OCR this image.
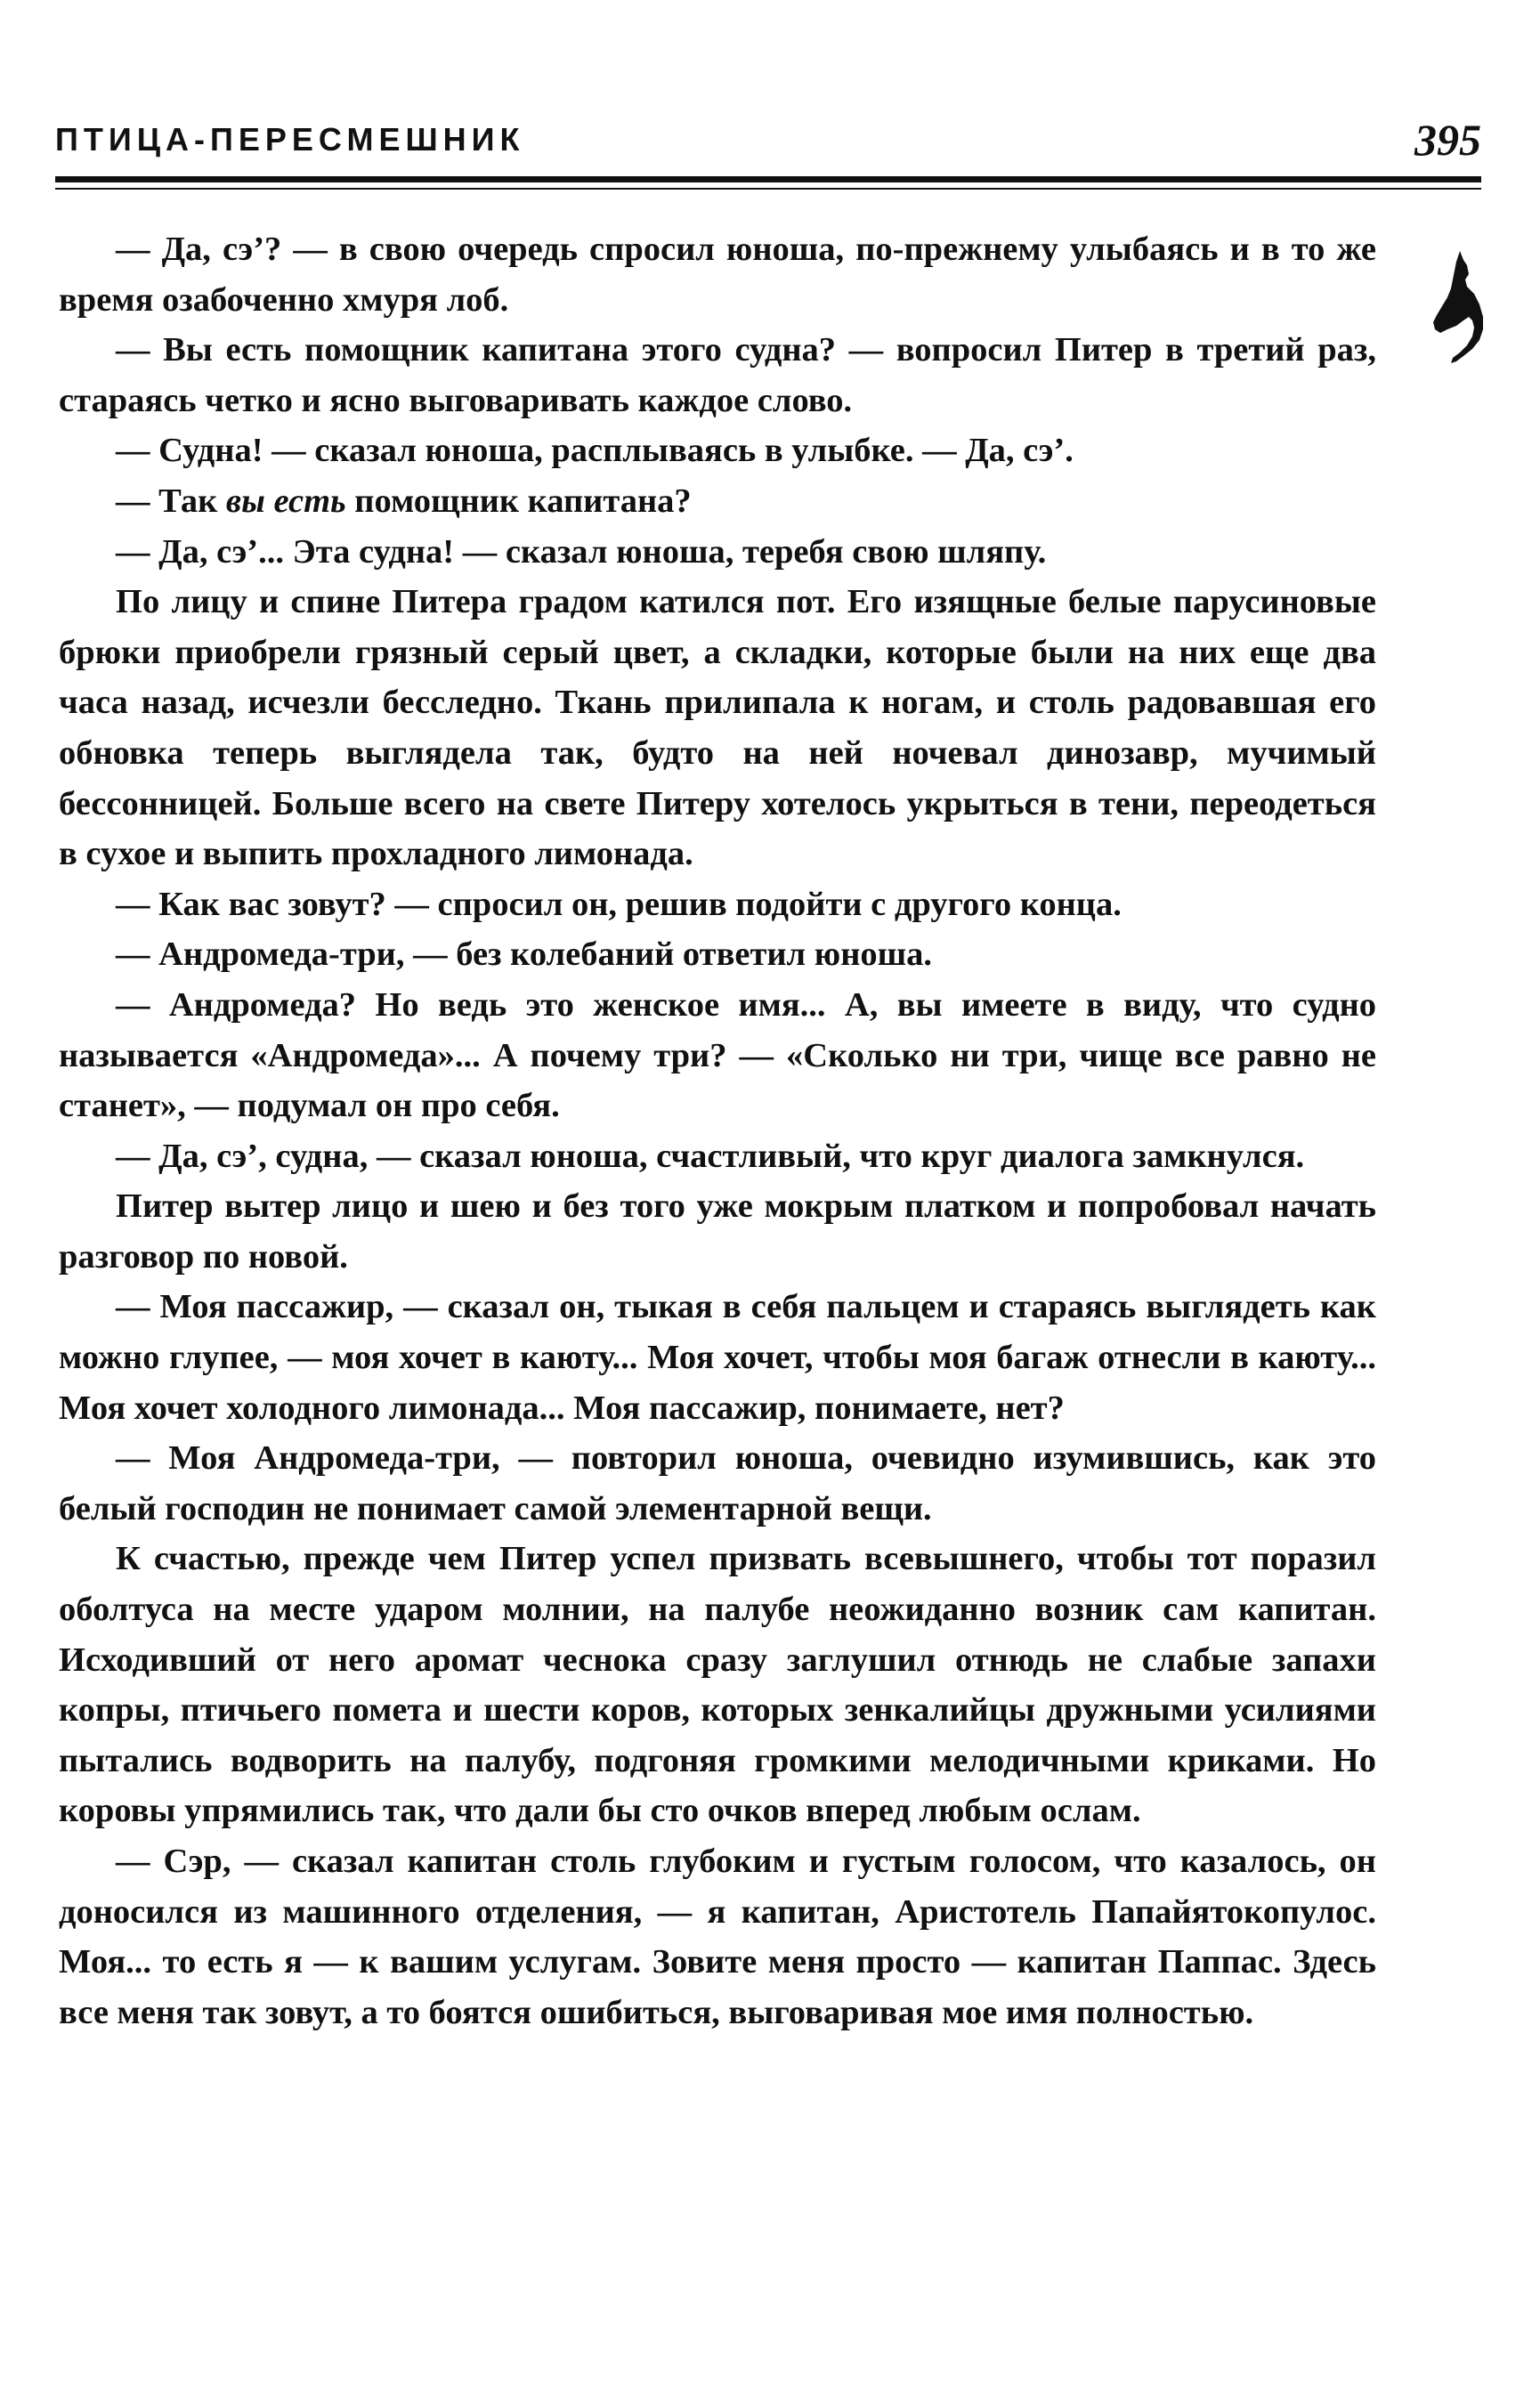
ПТИЦА-ПЕРЕСМЕШНИК	395

— Да, сэ’? — в свою очередь спросил юноша, по-прежнему улыбаясь и в то же время озабоченно хмуря лоб.

— Вы есть помощник капитана этого судна? — вопросил Питер в третий раз, стараясь четко и ясно выговаривать каждое слово.

— Судна! — сказал юноша, расплываясь в улыбке. — Да, сэ’.

— Так вы есть помощник капитана?

— Да, сэ’... Эта судна! — сказал юноша, теребя свою шляпу.

По лицу и спине Питера градом катился пот. Его изящные белые парусиновые брюки приобрели грязный серый цвет, а складки, которые были на них еще два часа назад, исчезли бесследно. Ткань прилипала к ногам, и столь радовавшая его обновка теперь выглядела так, будто на ней ночевал динозавр, мучимый бессонницей. Больше всего на свете Питеру хотелось укрыться в тени, переодеться в сухое и выпить прохладного лимонада.

— Как вас зовут? — спросил он, решив подойти с другого конца.

— Андромеда-три, — без колебаний ответил юноша.

— Андромеда? Но ведь это женское имя... А, вы имеете в виду, что судно называется «Андромеда»... А почему три? — «Сколько ни три, чище все равно не станет», — подумал он про себя.

— Да, сэ’, судна, — сказал юноша, счастливый, что круг диалога замкнулся.

Питер вытер лицо и шею и без того уже мокрым платком и попробовал начать разговор по новой.

— Моя пассажир, — сказал он, тыкая в себя пальцем и стараясь выглядеть как можно глупее, — моя хочет в каюту... Моя хочет, чтобы моя багаж отнесли в каюту... Моя хочет холодного лимонада... Моя пассажир, понимаете, нет?

— Моя Андромеда-три, — повторил юноша, очевидно изумившись, как это белый господин не понимает самой элементарной вещи.

К счастью, прежде чем Питер успел призвать всевышнего, чтобы тот поразил оболтуса на месте ударом молнии, на палубе неожиданно возник сам капитан. Исходивший от него аромат чеснока сразу заглушил отнюдь не слабые запахи копры, птичьего помета и шести коров, которых зенкалийцы дружными усилиями пытались водворить на палубу, подгоняя громкими мелодичными криками. Но коровы упрямились так, что дали бы сто очков вперед любым ослам.

— Сэр, — сказал капитан столь глубоким и густым голосом, что казалось, он доносился из машинного отделения, — я капитан, Аристотель Папайятокопулос. Моя... то есть я — к вашим услугам. Зовите меня просто — капитан Паппас. Здесь все меня так зовут, а то боятся ошибиться, выговаривая мое имя полностью.
